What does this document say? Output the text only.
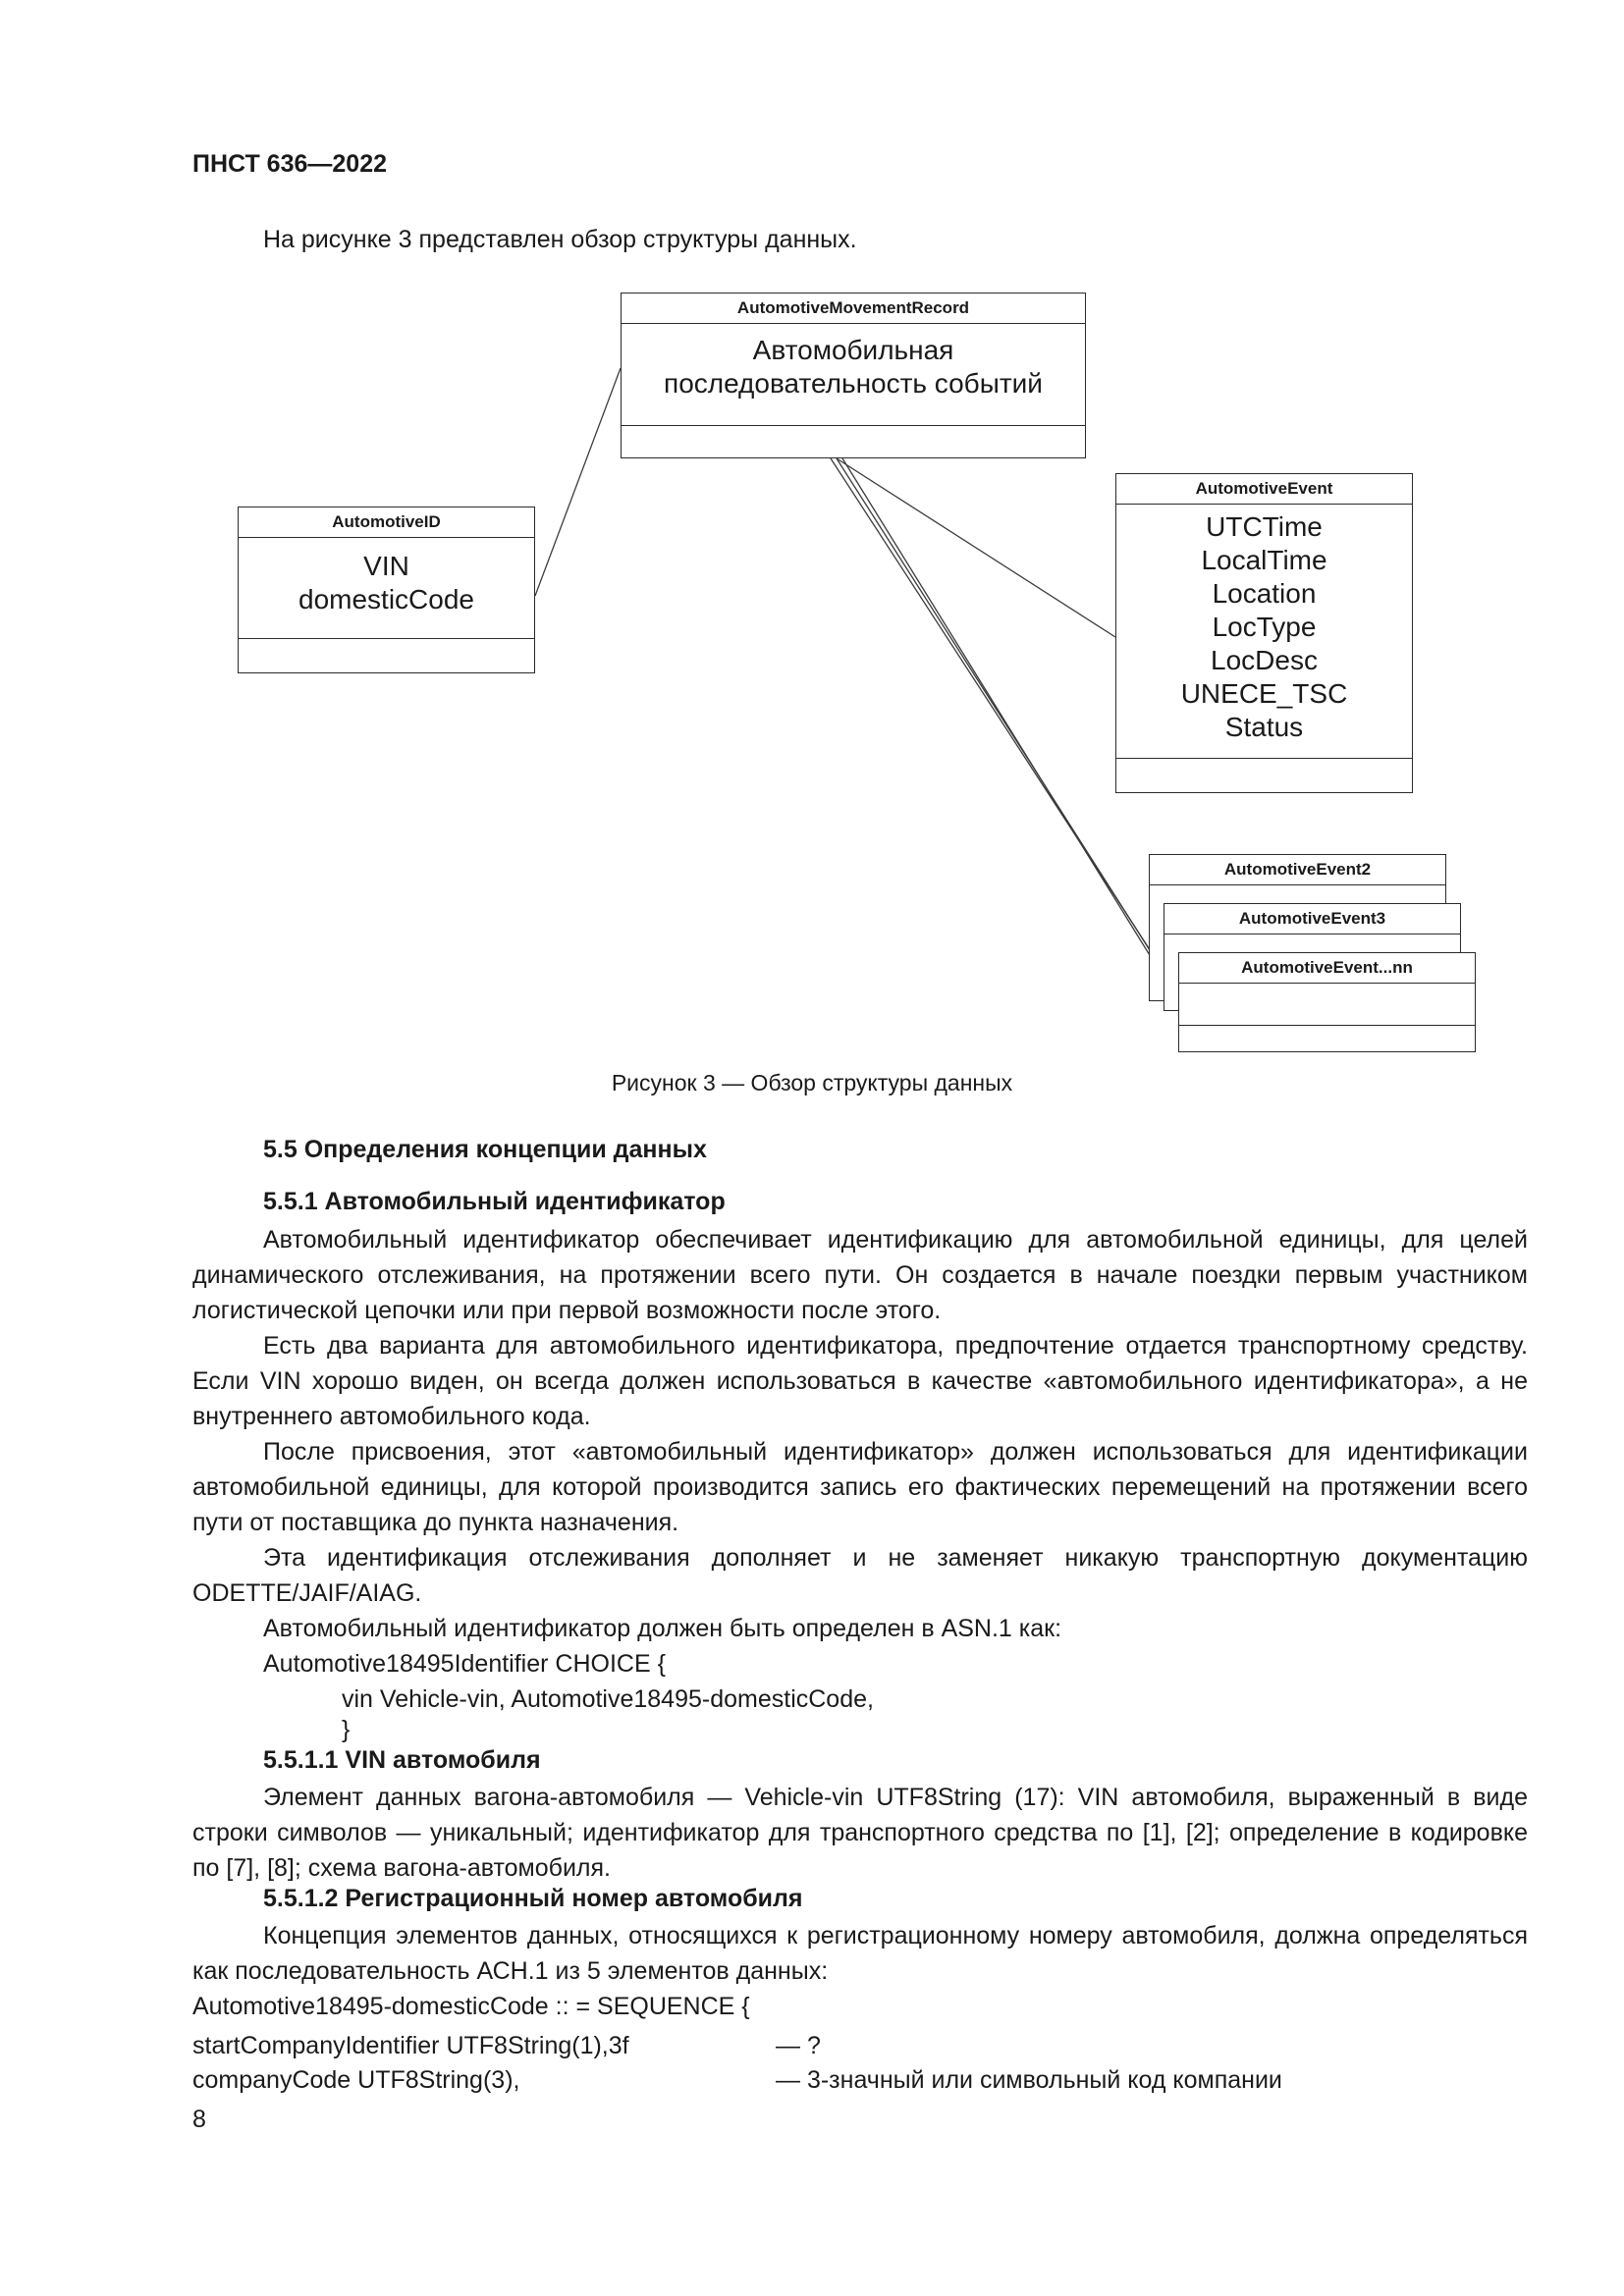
ПНСТ 636—2022
На рисунке 3 представлен обзор структуры данных.
AutomotiveMovementRecord
Автомобильная
последовательность событий
AutomotiveID
VIN
domesticCode
AutomotiveEvent
UTCTime
LocalTime
Location
LocType
LocDesc
UNECE_TSC
Status
AutomotiveEvent2
AutomotiveEvent3
AutomotiveEvent...nn
Рисунок 3 — Обзор структуры данных
5.5 Определения концепции данных
5.5.1 Автомобильный идентификатор
Автомобильный идентификатор обеспечивает идентификацию для автомобильной единицы, для целей динамического отслеживания, на протяжении всего пути. Он создается в начале поездки первым участником логистической цепочки или при первой возможности после этого.
Есть два варианта для автомобильного идентификатора, предпочтение отдается транспортному средству. Если VIN хорошо виден, он всегда должен использоваться в качестве «автомобильного идентификатора», а не внутреннего автомобильного кода.
После присвоения, этот «автомобильный идентификатор» должен использоваться для идентификации автомобильной единицы, для которой производится запись его фактических перемещений на протяжении всего пути от поставщика до пункта назначения.
Эта идентификация отслеживания дополняет и не заменяет никакую транспортную документацию ODETTE/JAIF/AIAG.
Автомобильный идентификатор должен быть определен в ASN.1 как:
Automotive18495Identifier CHOICE {
vin Vehicle-vin, Automotive18495-domesticCode,
}
5.5.1.1 VIN автомобиля
Элемент данных вагона-автомобиля — Vehicle-vin UTF8String (17): VIN автомобиля, выраженный в виде строки символов — уникальный; идентификатор для транспортного средства по [1], [2]; определение в кодировке по [7], [8]; схема вагона-автомобиля.
5.5.1.2 Регистрационный номер автомобиля
Концепция элементов данных, относящихся к регистрационному номеру автомобиля, должна определяться как последовательность АСН.1 из 5 элементов данных:
Automotive18495-domesticCode :: = SEQUENCE {
startCompanyIdentifier UTF8String(1),3f	— ?
companyCode UTF8String(3),	— 3-значный или символьный код компании
8
